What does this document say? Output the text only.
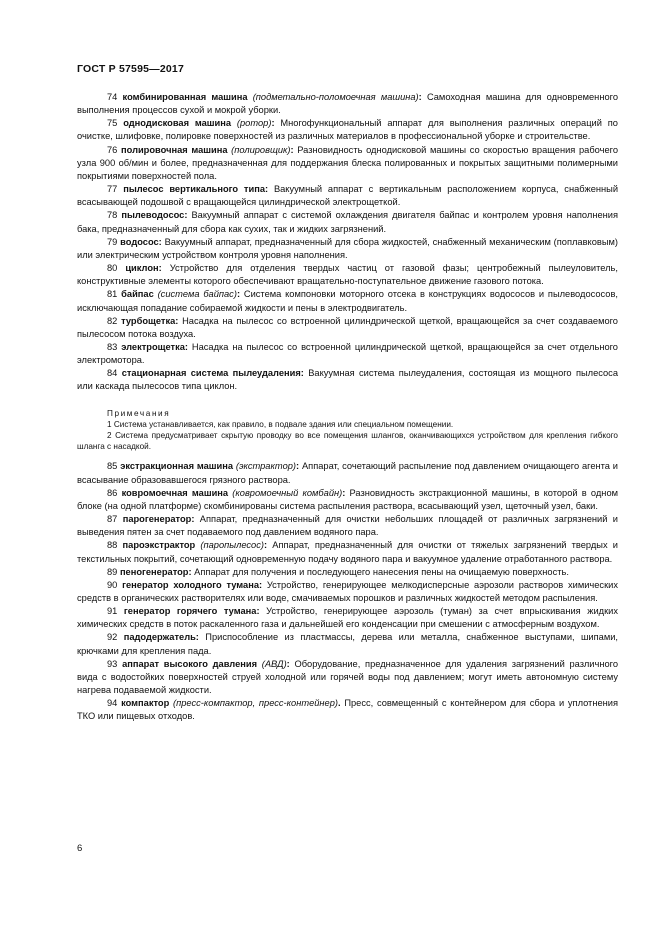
ГОСТ Р 57595—2017

74 комбинированная машина (подметально-поломоечная машина): Самоходная машина для одновременного выполнения процессов сухой и мокрой уборки.

75 однодисковая машина (ротор): Многофункциональный аппарат для выполнения различных операций по очистке, шлифовке, полировке поверхностей из различных материалов в профессиональной уборке и строительстве.

76 полировочная машина (полировщик): Разновидность однодисковой машины со скоростью вращения рабочего узла 900 об/мин и более, предназначенная для поддержания блеска полированных и покрытых защитными полимерными покрытиями поверхностей пола.

77 пылесос вертикального типа: Вакуумный аппарат с вертикальным расположением корпуса, снабженный всасывающей подошвой с вращающейся цилиндрической электрощеткой.

78 пылеводосос: Вакуумный аппарат с системой охлаждения двигателя байпас и контролем уровня наполнения бака, предназначенный для сбора как сухих, так и жидких загрязнений.

79 водосос: Вакуумный аппарат, предназначенный для сбора жидкостей, снабженный механическим (поплавковым) или электрическим устройством контроля уровня наполнения.

80 циклон: Устройство для отделения твердых частиц от газовой фазы; центробежный пылеуловитель, конструктивные элементы которого обеспечивают вращательно-поступательное движение газового потока.

81 байпас (система байпас): Система компоновки моторного отсека в конструкциях водососов и пылеводососов, исключающая попадание собираемой жидкости и пены в электродвигатель.

82 турбощетка: Насадка на пылесос со встроенной цилиндрической щеткой, вращающейся за счет создаваемого пылесосом потока воздуха.

83 электрощетка: Насадка на пылесос со встроенной цилиндрической щеткой, вращающейся за счет отдельного электромотора.

84 стационарная система пылеудаления: Вакуумная система пылеудаления, состоящая из мощного пылесоса или каскада пылесосов типа циклон.

Примечания

1 Система устанавливается, как правило, в подвале здания или специальном помещении.

2 Система предусматривает скрытую проводку во все помещения шлангов, оканчивающихся устройством для крепления гибкого шланга с насадкой.

85 экстракционная машина (экстрактор): Аппарат, сочетающий распыление под давлением очищающего агента и всасывание образовавшегося грязного раствора.

86 ковромоечная машина (ковромоечный комбайн): Разновидность экстракционной машины, в которой в одном блоке (на одной платформе) скомбинированы система распыления раствора, всасывающий узел, щеточный узел, баки.

87 парогенератор: Аппарат, предназначенный для очистки небольших площадей от различных загрязнений и выведения пятен за счет подаваемого под давлением водяного пара.

88 пароэкстрактор (паропылесос): Аппарат, предназначенный для очистки от тяжелых загрязнений твердых и текстильных покрытий, сочетающий одновременную подачу водяного пара и вакуумное удаление отработанного раствора.

89 пеногенератор: Аппарат для получения и последующего нанесения пены на очищаемую поверхность.

90 генератор холодного тумана: Устройство, генерирующее мелкодисперсные аэрозоли растворов химических средств в органических растворителях или воде, смачиваемых порошков и различных жидкостей методом распыления.

91 генератор горячего тумана: Устройство, генерирующее аэрозоль (туман) за счет впрыскивания жидких химических средств в поток раскаленного газа и дальнейшей его конденсации при смешении с атмосферным воздухом.

92 падодержатель: Приспособление из пластмассы, дерева или металла, снабженное выступами, шипами, крючками для крепления пада.

93 аппарат высокого давления (АВД): Оборудование, предназначенное для удаления загрязнений различного вида с водостойких поверхностей струей холодной или горячей воды под давлением; могут иметь автономную систему нагрева подаваемой жидкости.

94 компактор (пресс-компактор, пресс-контейнер). Пресс, совмещенный с контейнером для сбора и уплотнения ТКО или пищевых отходов.

6
